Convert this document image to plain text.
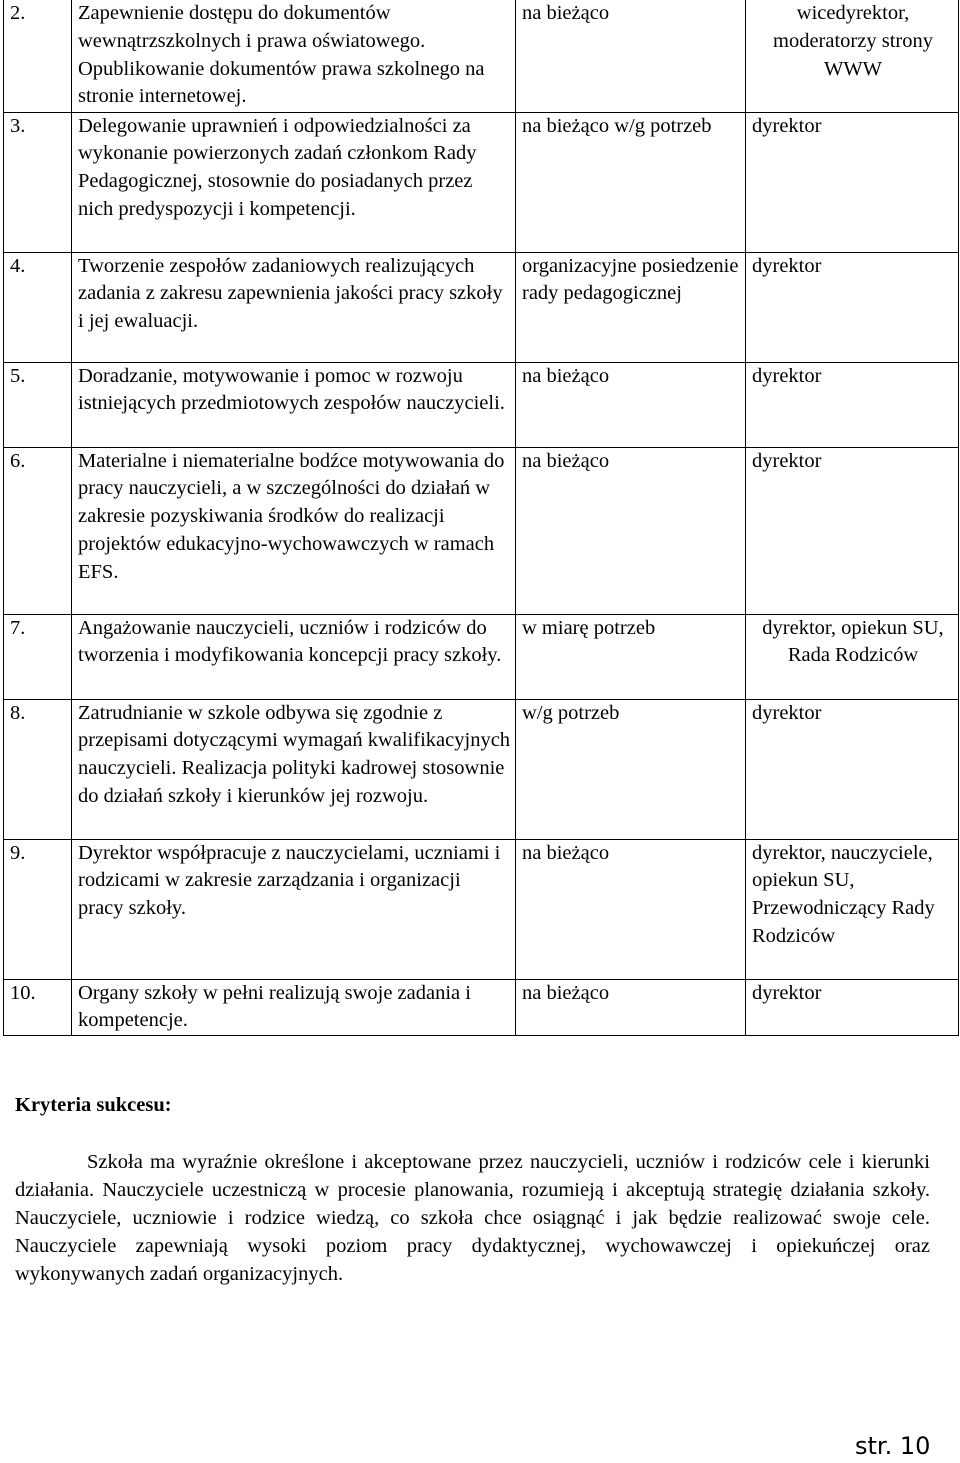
2.	Zapewnienie dostępu do dokumentów wewnątrzszkolnych i prawa oświatowego. Opublikowanie dokumentów prawa szkolnego na stronie internetowej.	na bieżąco	wicedyrektor, moderatorzy strony WWW
3.	Delegowanie uprawnień i odpowiedzialności za wykonanie powierzonych zadań członkom Rady Pedagogicznej, stosownie do posiadanych przez nich predyspozycji i kompetencji.	na bieżąco w/g potrzeb	dyrektor
4.	Tworzenie zespołów zadaniowych realizujących zadania z zakresu zapewnienia jakości pracy szkoły i jej ewaluacji.	organizacyjne posiedzenie rady pedagogicznej	dyrektor
5.	Doradzanie, motywowanie i pomoc w rozwoju istniejących przedmiotowych zespołów nauczycieli.	na bieżąco	dyrektor
6.	Materialne i niematerialne bodźce motywowania do pracy nauczycieli, a w szczególności do działań w zakresie pozyskiwania środków do realizacji projektów edukacyjno-wychowawczych w ramach EFS.	na bieżąco	dyrektor
7.	Angażowanie nauczycieli, uczniów i rodziców do tworzenia i modyfikowania koncepcji pracy szkoły.	w miarę potrzeb	dyrektor, opiekun SU, Rada Rodziców
8.	Zatrudnianie w szkole odbywa się zgodnie z przepisami dotyczącymi wymagań kwalifikacyjnych nauczycieli. Realizacja polityki kadrowej stosownie do działań szkoły i kierunków jej rozwoju.	w/g potrzeb	dyrektor
9.	Dyrektor współpracuje z nauczycielami, uczniami i rodzicami w zakresie zarządzania i organizacji pracy szkoły.	na bieżąco	dyrektor, nauczyciele, opiekun SU, Przewodniczący Rady Rodziców
10.	Organy szkoły w pełni realizują swoje zadania i kompetencje.	na bieżąco	dyrektor
Kryteria sukcesu:
Szkoła ma wyraźnie określone i akceptowane przez nauczycieli, uczniów i rodziców cele i kierunki działania. Nauczyciele uczestniczą w procesie planowania, rozumieją i akceptują strategię działania szkoły. Nauczyciele, uczniowie i rodzice wiedzą, co szkoła chce osiągnąć i jak będzie realizować swoje cele. Nauczyciele zapewniają wysoki poziom pracy dydaktycznej, wychowawczej i opiekuńczej oraz wykonywanych zadań organizacyjnych.
str. 10
